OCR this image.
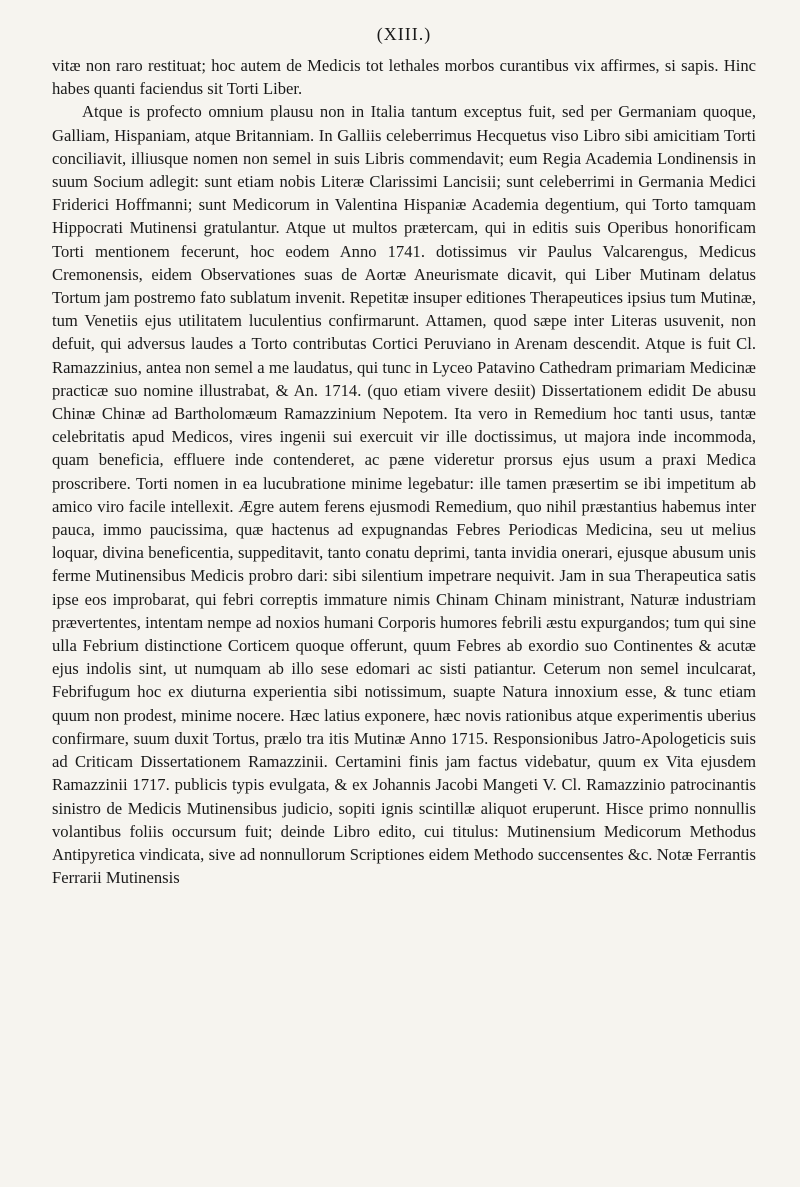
(XIII.)

vitæ non raro restituat; hoc autem de Medicis tot lethales morbos curantibus vix affirmes, si sapis. Hinc habes quanti faciendus sit Torti Liber.

Atque is profecto omnium plausu non in Italia tantum exceptus fuit, sed per Germaniam quoque, Galliam, Hispaniam, atque Britanniam. In Galliis celeberrimus Hecquetus viso Libro sibi amicitiam Torti conciliavit, illiusque nomen non semel in suis Libris commendavit; eum Regia Academia Londinensis in suum Socium adlegit: sunt etiam nobis Literæ Clarissimi Lancisii; sunt celeberrimi in Germania Medici Friderici Hoffmanni; sunt Medicorum in Valentina Hispaniæ Academia degentium, qui Torto tamquam Hippocrati Mutinensi gratulantur. Atque ut multos prætercam, qui in editis suis Operibus honorificam Torti mentionem fecerunt, hoc eodem Anno 1741. dotissimus vir Paulus Valcarengus, Medicus Cremonensis, eidem Observationes suas de Aortæ Aneurismate dicavit, qui Liber Mutinam delatus Tortum jam postremo fato sublatum invenit. Repetitæ insuper editiones Therapeutices ipsius tum Mutinæ, tum Venetiis ejus utilitatem luculentius confirmarunt. Attamen, quod sæpe inter Literas usuvenit, non defuit, qui adversus laudes a Torto contributas Cortici Peruviano in Arenam descendit. Atque is fuit Cl. Ramazzinius, antea non semel a me laudatus, qui tunc in Lyceo Patavino Cathedram primariam Medicinæ practicæ suo nomine illustrabat, & An. 1714. (quo etiam vivere desiit) Dissertationem edidit De abusu Chinæ Chinæ ad Bartholomæum Ramazzinium Nepotem. Ita vero in Remedium hoc tanti usus, tantæ celebritatis apud Medicos, vires ingenii sui exercuit vir ille doctissimus, ut majora inde incommoda, quam beneficia, effluere inde contenderet, ac pæne videretur prorsus ejus usum a praxi Medica proscribere. Torti nomen in ea lucubratione minime legebatur: ille tamen præsertim se ibi impetitum ab amico viro facile intellexit. Ægre autem ferens ejusmodi Remedium, quo nihil præstantius habemus inter pauca, immo paucissima, quæ hactenus ad expugnandas Febres Periodicas Medicina, seu ut melius loquar, divina beneficentia, suppeditavit, tanto conatu deprimi, tanta invidia onerari, ejusque abusum unis ferme Mutinensibus Medicis probro dari: sibi silentium impetrare nequivit. Jam in sua Therapeutica satis ipse eos improbarat, qui febri correptis immature nimis Chinam Chinam ministrant, Naturæ industriam prævertentes, intentam nempe ad noxios humani Corporis humores febrili æstu expurgandos; tum qui sine ulla Febrium distinctione Corticem quoque offerunt, quum Febres ab exordio suo Continentes & acutæ ejus indolis sint, ut numquam ab illo sese edomari ac sisti patiantur. Ceterum non semel inculcarat, Febrifugum hoc ex diuturna experientia sibi notissimum, suapte Natura innoxium esse, & tunc etiam quum non prodest, minime nocere. Hæc latius exponere, hæc novis rationibus atque experimentis uberius confirmare, suum duxit Tortus, prælo tra itis Mutinæ Anno 1715. Responsionibus Jatro-Apologeticis suis ad Criticam Dissertationem Ramazzinii. Certamini finis jam factus videbatur, quum ex Vita ejusdem Ramazzinii 1717. publicis typis evulgata, & ex Johannis Jacobi Mangeti V. Cl. Ramazzinio patrocinantis sinistro de Medicis Mutinensibus judicio, sopiti ignis scintillæ aliquot eruperunt. Hisce primo nonnullis volantibus foliis occursum fuit; deinde Libro edito, cui titulus: Mutinensium Medicorum Methodus Antipyretica vindicata, sive ad nonnullorum Scriptiones eidem Methodo succensentes &c. Notæ Ferrantis Ferrarii Mutinensis
